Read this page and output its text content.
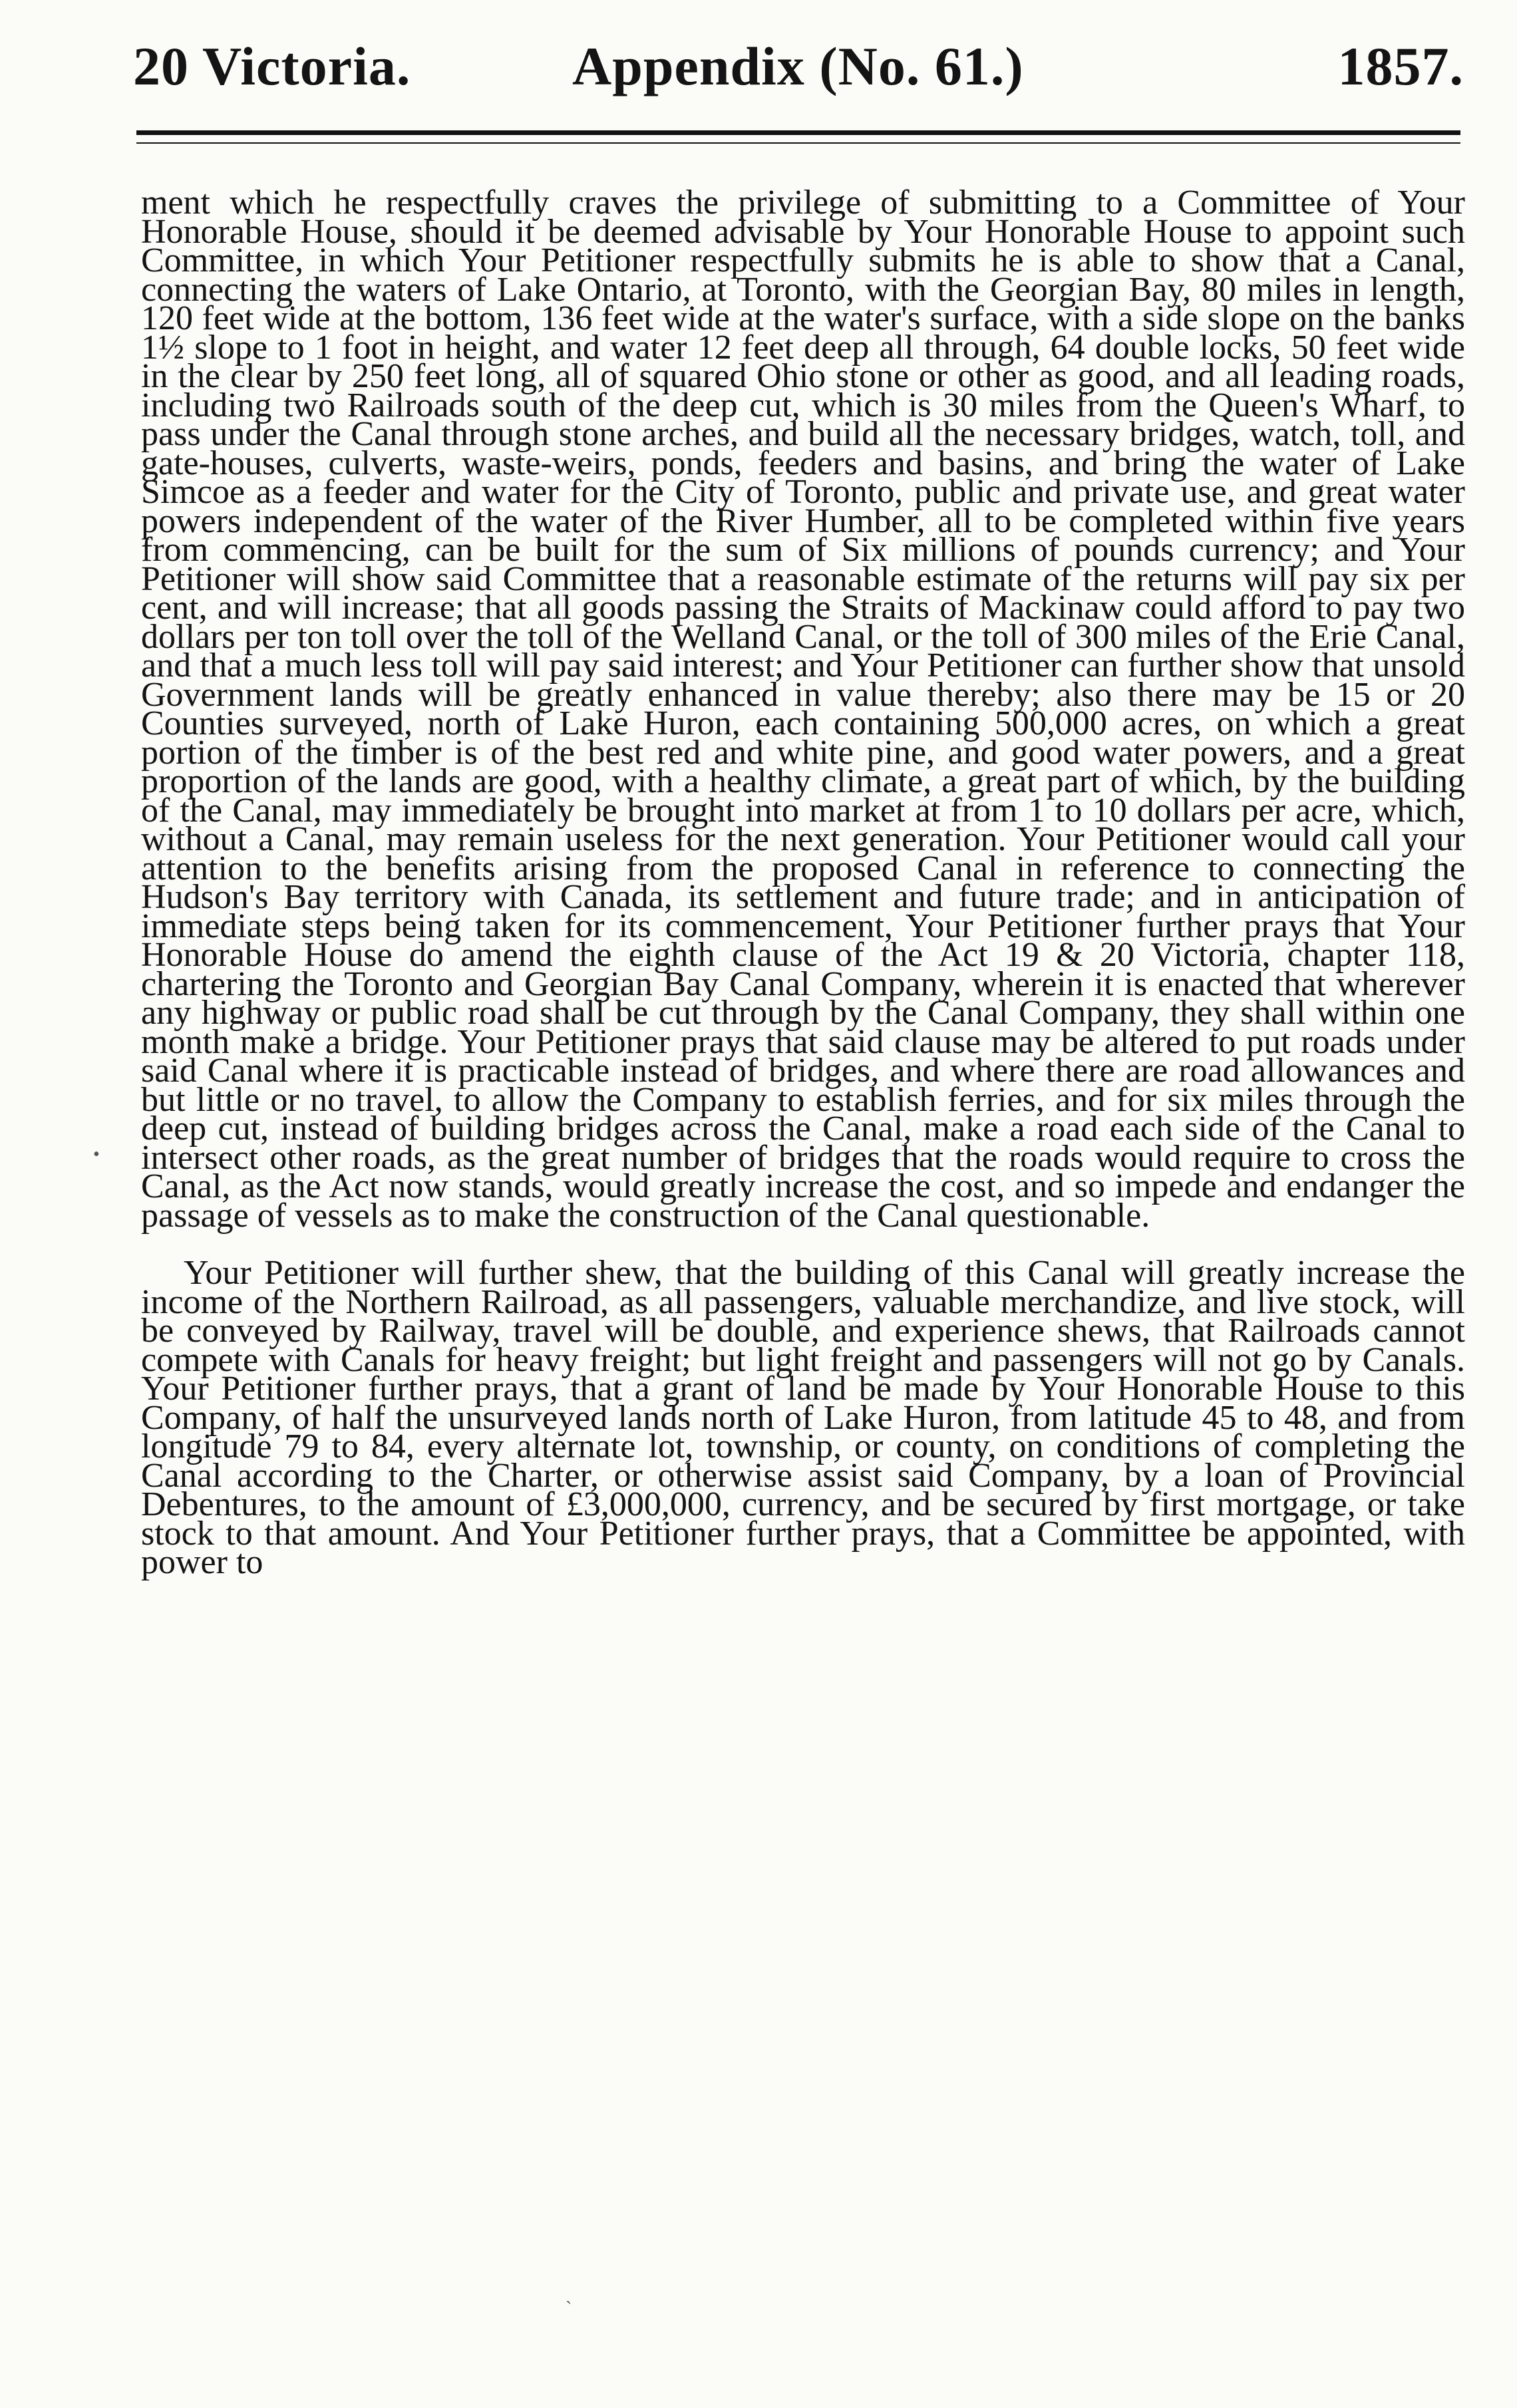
20 Victoria.	Appendix (No. 61.)	1857.

ment which he respectfully craves the privilege of submitting to a Committee of Your Honorable House, should it be deemed advisable by Your Honorable House to appoint such Committee, in which Your Petitioner respectfully submits he is able to show that a Canal, connecting the waters of Lake Ontario, at Toronto, with the Georgian Bay, 80 miles in length, 120 feet wide at the bottom, 136 feet wide at the water's surface, with a side slope on the banks 1½ slope to 1 foot in height, and water 12 feet deep all through, 64 double locks, 50 feet wide in the clear by 250 feet long, all of squared Ohio stone or other as good, and all leading roads, including two Railroads south of the deep cut, which is 30 miles from the Queen's Wharf, to pass under the Canal through stone arches, and build all the necessary bridges, watch, toll, and gate-houses, culverts, waste-weirs, ponds, feeders and basins, and bring the water of Lake Simcoe as a feeder and water for the City of Toronto, public and private use, and great water powers independent of the water of the River Humber, all to be completed within five years from commencing, can be built for the sum of Six millions of pounds currency; and Your Petitioner will show said Committee that a reasonable estimate of the returns will pay six per cent, and will increase; that all goods passing the Straits of Mackinaw could afford to pay two dollars per ton toll over the toll of the Welland Canal, or the toll of 300 miles of the Erie Canal, and that a much less toll will pay said interest; and Your Petitioner can further show that unsold Government lands will be greatly enhanced in value thereby; also there may be 15 or 20 Counties surveyed, north of Lake Huron, each containing 500,000 acres, on which a great portion of the timber is of the best red and white pine, and good water powers, and a great proportion of the lands are good, with a healthy climate, a great part of which, by the building of the Canal, may immediately be brought into market at from 1 to 10 dollars per acre, which, without a Canal, may remain useless for the next generation. Your Petitioner would call your attention to the benefits arising from the proposed Canal in reference to connecting the Hudson's Bay territory with Canada, its settlement and future trade; and in anticipation of immediate steps being taken for its commencement, Your Petitioner further prays that Your Honorable House do amend the eighth clause of the Act 19 & 20 Victoria, chapter 118, chartering the Toronto and Georgian Bay Canal Company, wherein it is enacted that wherever any highway or public road shall be cut through by the Canal Company, they shall within one month make a bridge. Your Petitioner prays that said clause may be altered to put roads under said Canal where it is practicable instead of bridges, and where there are road allowances and but little or no travel, to allow the Company to establish ferries, and for six miles through the deep cut, instead of building bridges across the Canal, make a road each side of the Canal to intersect other roads, as the great number of bridges that the roads would require to cross the Canal, as the Act now stands, would greatly increase the cost, and so impede and endanger the passage of vessels as to make the construction of the Canal questionable.

Your Petitioner will further shew, that the building of this Canal will greatly increase the income of the Northern Railroad, as all passengers, valuable merchandize, and live stock, will be conveyed by Railway, travel will be double, and experience shews, that Railroads cannot compete with Canals for heavy freight; but light freight and passengers will not go by Canals. Your Petitioner further prays, that a grant of land be made by Your Honorable House to this Company, of half the unsurveyed lands north of Lake Huron, from latitude 45 to 48, and from longitude 79 to 84, every alternate lot, township, or county, on conditions of completing the Canal according to the Charter, or otherwise assist said Company, by a loan of Provincial Debentures, to the amount of £3,000,000, currency, and be secured by first mortgage, or take stock to that amount. And Your Petitioner further prays, that a Committee be appointed, with power to

•
ˋ
